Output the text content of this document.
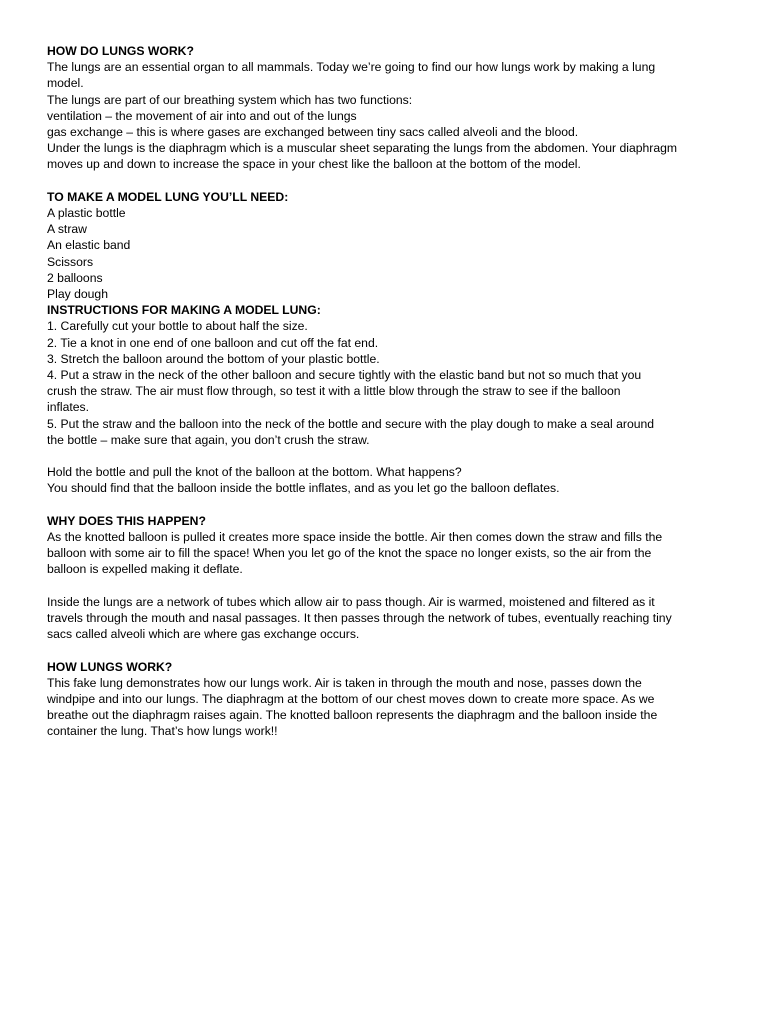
HOW DO LUNGS WORK?

The lungs are an essential organ to all mammals. Today we’re going to find our how lungs work by making a lung

model.

The lungs are part of our breathing system which has two functions:

ventilation – the movement of air into and out of the lungs

gas exchange – this is where gases are exchanged between tiny sacs called alveoli and the blood.

Under the lungs is the diaphragm which is a muscular sheet separating the lungs from the abdomen. Your diaphragm

moves up and down to increase the space in your chest like the balloon at the bottom of the model.

TO MAKE A MODEL LUNG YOU’LL NEED:

A plastic bottle

A straw

An elastic band

Scissors

2 balloons

Play dough

INSTRUCTIONS FOR MAKING A MODEL LUNG:

1. Carefully cut your bottle to about half the size.

2. Tie a knot in one end of one balloon and cut off the fat end.

3. Stretch the balloon around the bottom of your plastic bottle.

4. Put a straw in the neck of the other balloon and secure tightly with the elastic band but not so much that you

crush the straw. The air must flow through, so test it with a little blow through the straw to see if the balloon

inflates.

5. Put the straw and the balloon into the neck of the bottle and secure with the play dough to make a seal around

the bottle – make sure that again, you don’t crush the straw.

Hold the bottle and pull the knot of the balloon at the bottom. What happens?

You should find that the balloon inside the bottle inflates, and as you let go the balloon deflates.

WHY DOES THIS HAPPEN?

As the knotted balloon is pulled it creates more space inside the bottle. Air then comes down the straw and fills the

balloon with some air to fill the space! When you let go of the knot the space no longer exists, so the air from the

balloon is expelled making it deflate.

Inside the lungs are a network of tubes which allow air to pass though. Air is warmed, moistened and filtered as it

travels through the mouth and nasal passages. It then passes through the network of tubes, eventually reaching tiny

sacs called alveoli which are where gas exchange occurs.

HOW LUNGS WORK?

This fake lung demonstrates how our lungs work. Air is taken in through the mouth and nose, passes down the

windpipe and into our lungs. The diaphragm at the bottom of our chest moves down to create more space. As we

breathe out the diaphragm raises again. The knotted balloon represents the diaphragm and the balloon inside the

container the lung. That’s how lungs work!!
